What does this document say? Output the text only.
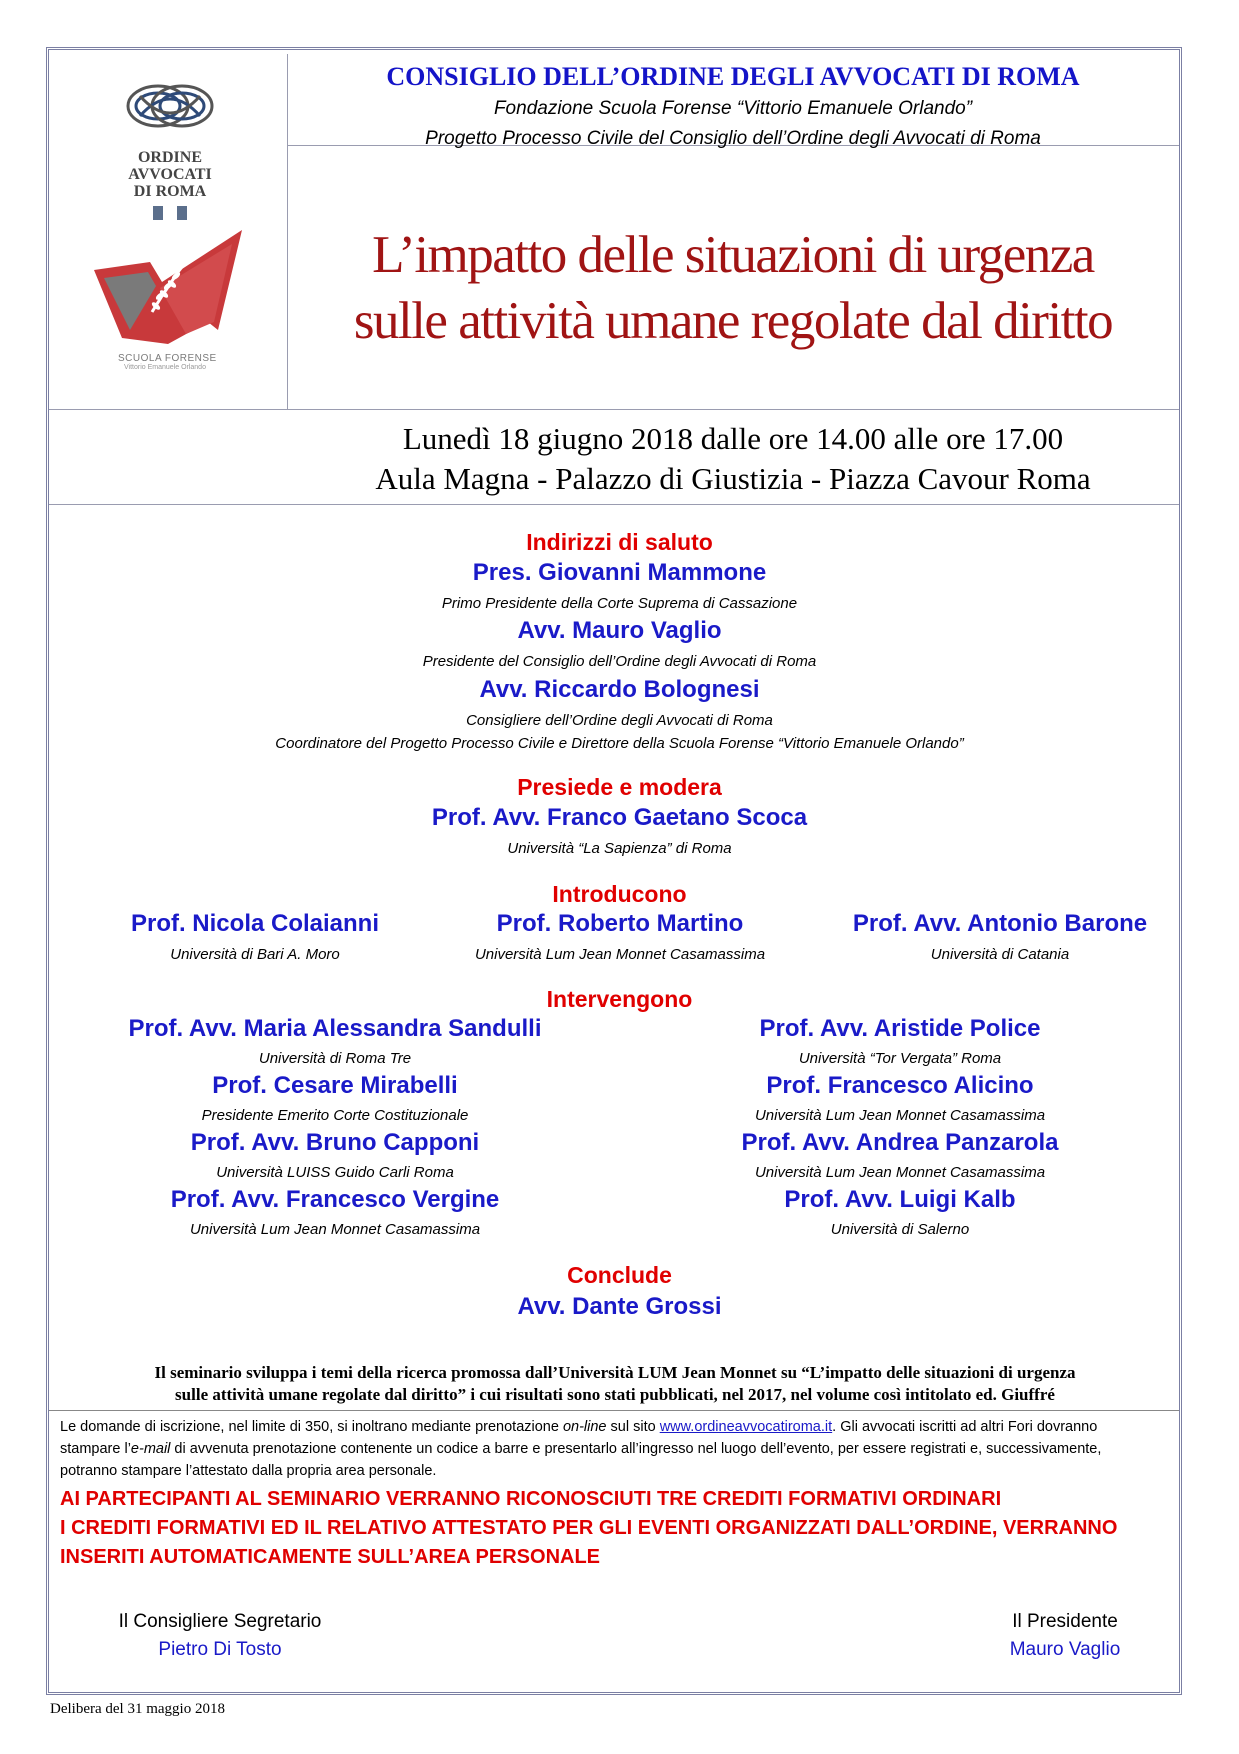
ORDINE
AVVOCATI
DI ROMA
SCUOLA FORENSE
Vittorio Emanuele Orlando
CONSIGLIO DELL’ORDINE DEGLI AVVOCATI DI ROMA
Fondazione Scuola Forense “Vittorio Emanuele Orlando”
Progetto Processo Civile del Consiglio dell’Ordine degli Avvocati di Roma
L’impatto delle situazioni di urgenza
sulle attività umane regolate dal diritto
Lunedì 18 giugno 2018 dalle ore 14.00 alle ore 17.00
Aula Magna - Palazzo di Giustizia - Piazza Cavour Roma
Indirizzi di saluto
Pres. Giovanni Mammone
Primo Presidente della Corte Suprema di Cassazione
Avv. Mauro Vaglio
Presidente del Consiglio dell’Ordine degli Avvocati di Roma
Avv. Riccardo Bolognesi
Consigliere dell’Ordine degli Avvocati di Roma
Coordinatore del Progetto Processo Civile e Direttore della Scuola Forense “Vittorio Emanuele Orlando”
Presiede e modera
Prof. Avv. Franco Gaetano Scoca
Università “La Sapienza” di Roma
Introducono
Prof. Nicola Colaianni
Università di Bari A. Moro
Prof. Roberto Martino
Università Lum Jean Monnet Casamassima
Prof. Avv. Antonio Barone
Università di Catania
Intervengono
Prof. Avv. Maria Alessandra Sandulli
Università di Roma Tre
Prof. Cesare Mirabelli
Presidente Emerito Corte Costituzionale
Prof. Avv. Bruno Capponi
Università LUISS Guido Carli Roma
Prof. Avv. Francesco Vergine
Università Lum Jean Monnet Casamassima
Prof. Avv. Aristide Police
Università “Tor Vergata” Roma
Prof. Francesco Alicino
Università Lum Jean Monnet Casamassima
Prof. Avv. Andrea Panzarola
Università Lum Jean Monnet Casamassima
Prof. Avv. Luigi Kalb
Università di Salerno
Conclude
Avv. Dante Grossi
Il seminario sviluppa i temi della ricerca promossa dall’Università LUM Jean Monnet su “L’impatto delle situazioni di urgenza
sulle attività umane regolate dal diritto” i cui risultati sono stati pubblicati, nel 2017, nel volume così intitolato ed. Giuffré
Le domande di iscrizione, nel limite di 350, si inoltrano mediante prenotazione on-line sul sito www.ordineavvocatiroma.it. Gli avvocati iscritti ad altri Fori dovranno
stampare l’e-mail di avvenuta prenotazione contenente un codice a barre e presentarlo all’ingresso nel luogo dell’evento, per essere registrati e, successivamente,
potranno stampare l’attestato dalla propria area personale.
AI PARTECIPANTI AL SEMINARIO VERRANNO RICONOSCIUTI TRE CREDITI FORMATIVI ORDINARI
I CREDITI FORMATIVI ED IL RELATIVO ATTESTATO PER GLI EVENTI ORGANIZZATI DALL’ORDINE, VERRANNO
INSERITI AUTOMATICAMENTE SULL’AREA PERSONALE
Il Consigliere Segretario
Pietro Di Tosto
Il Presidente
Mauro Vaglio
Delibera del 31 maggio 2018
